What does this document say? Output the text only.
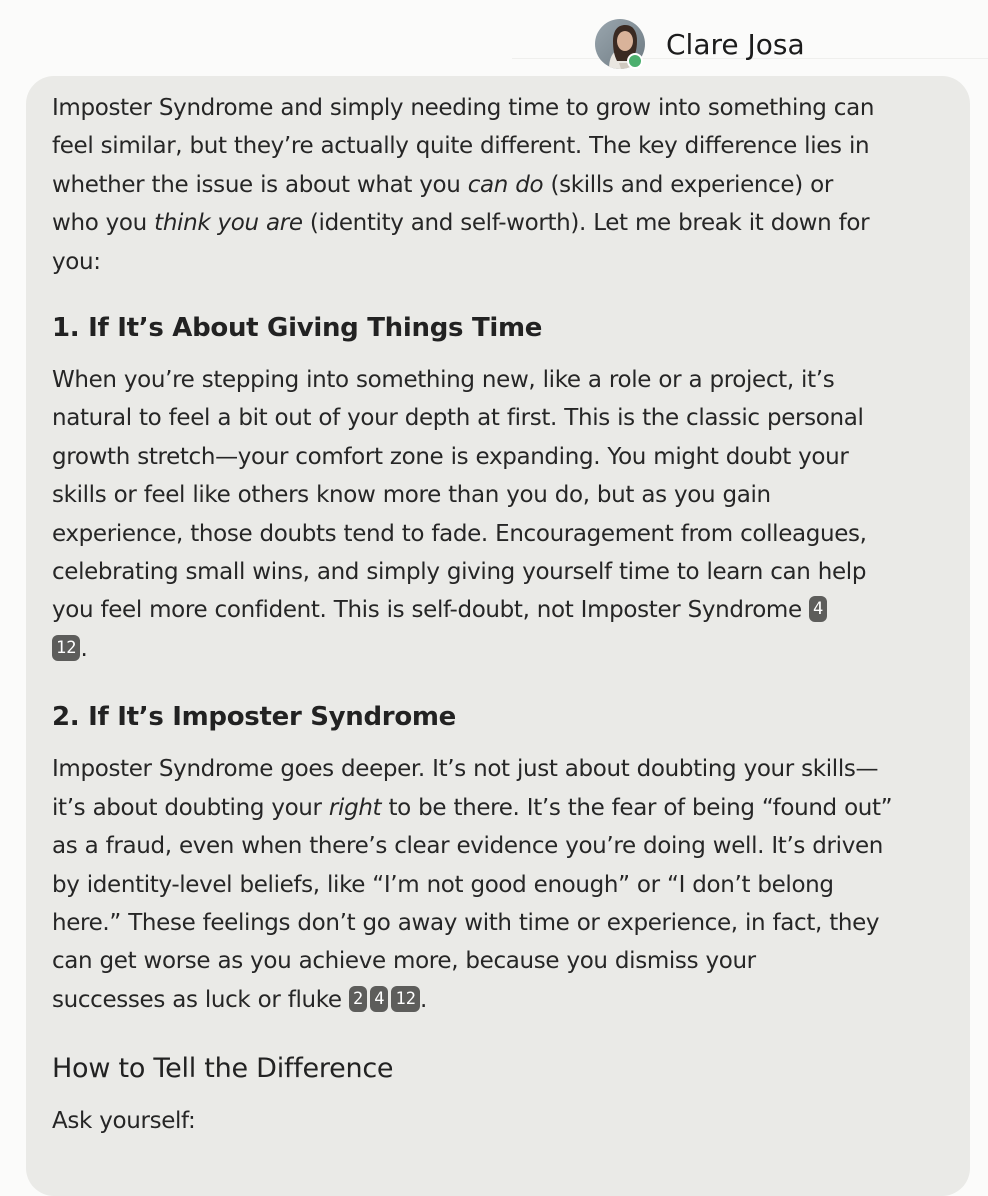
Clare Josa

Imposter Syndrome and simply needing time to grow into something can
feel similar, but they’re actually quite different. The key difference lies in
whether the issue is about what you can do (skills and experience) or
who you think you are (identity and self-worth). Let me break it down for
you:

1. If It’s About Giving Things Time

When you’re stepping into something new, like a role or a project, it’s
natural to feel a bit out of your depth at first. This is the classic personal
growth stretch—your comfort zone is expanding. You might doubt your
skills or feel like others know more than you do, but as you gain
experience, those doubts tend to fade. Encouragement from colleagues,
celebrating small wins, and simply giving yourself time to learn can help
you feel more confident. This is self-doubt, not Imposter Syndrome 4
12 .

2. If It’s Imposter Syndrome

Imposter Syndrome goes deeper. It’s not just about doubting your skills—
it’s about doubting your right to be there. It’s the fear of being “found out”
as a fraud, even when there’s clear evidence you’re doing well. It’s driven
by identity-level beliefs, like “I’m not good enough” or “I don’t belong
here.” These feelings don’t go away with time or experience, in fact, they
can get worse as you achieve more, because you dismiss your
successes as luck or fluke 2 4 12 .

How to Tell the Difference

Ask yourself:
